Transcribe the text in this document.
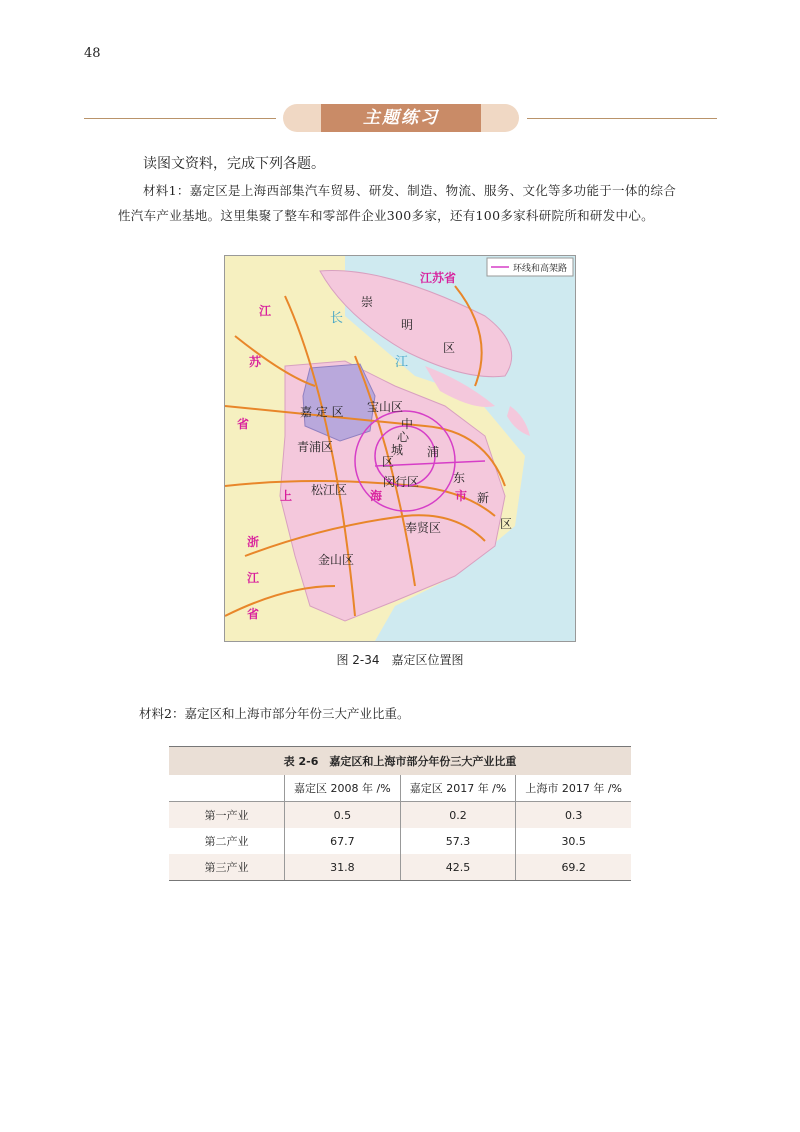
48
主题练习
读图文资料，完成下列各题。
材料1：嘉定区是上海西部集汽车贸易、研发、制造、物流、服务、文化等多功能于一体的综合
性汽车产业基地。这里集聚了整车和零部件企业300多家，还有100多家科研院所和研发中心。
环线和高架路
江苏省
江
苏
省
上	海	市
浙
江
省
长
江
崇
明
区
嘉 定 区 宝山区
青浦区
中
心
城
区
浦
东
新
区
松江区
闵行区
奉贤区
金山区
图 2-34　嘉定区位置图
材料2：嘉定区和上海市部分年份三大产业比重。
表 2-6　嘉定区和上海市部分年份三大产业比重			
	嘉定区 2008 年 /%	嘉定区 2017 年 /%	上海市 2017 年 /%
第一产业	0.5	0.2	0.3
第二产业	67.7	57.3	30.5
第三产业	31.8	42.5	69.2
